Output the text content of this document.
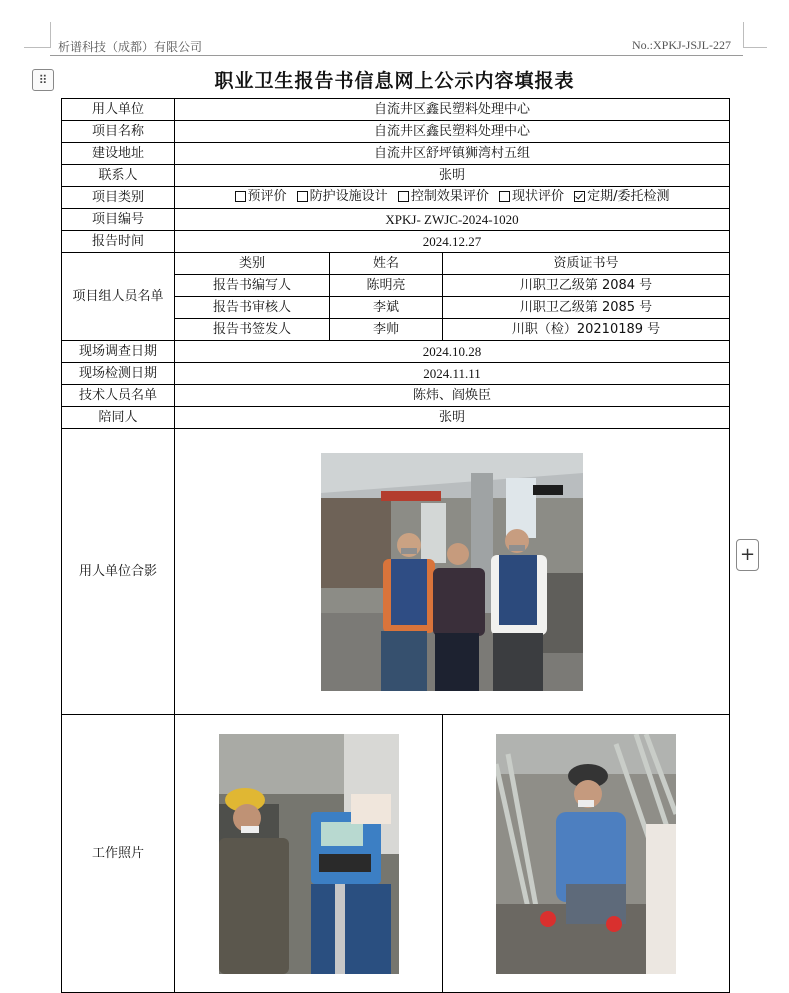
析谱科技（成都）有限公司	No.:XPKJ-JSJL-227
⠿	职业卫生报告书信息网上公示内容填报表
+
用人单位	自流井区鑫民塑料处理中心		
项目名称	自流井区鑫民塑料处理中心		
建设地址	自流井区舒坪镇狮湾村五组		
联系人	张明		
项目类别	预评价
防护设施设计
控制效果评价
现状评价
定期/委托检测		

项目编号	XPKJ- ZWJC-2024-1020		
报告时间	2024.12.27		
项目组人员名单	类别	姓名	资质证书号
	报告书编写人	陈明亮	川职卫乙级第 2084 号
	报告书审核人	李斌	川职卫乙级第 2085 号
	报告书签发人	李帅	川职（检）20210189 号
现场调查日期	2024.10.28		
现场检测日期	2024.11.11		
技术人员名单	陈炜、阎焕臣		
陪同人	张明		
用人单位合影	

工作照片	
